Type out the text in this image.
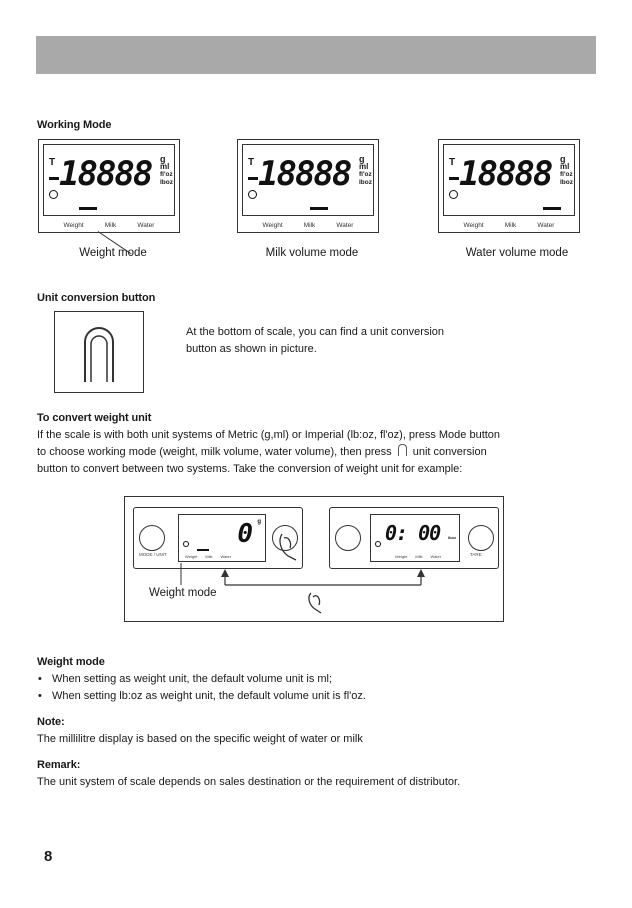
Working Mode
T 18888 g
ml
fl'oz
lboz
Weight	Milk	Water
Weight mode
T 18888 g
ml
fl'oz
lboz
Weight	Milk	Water
Milk volume mode
T 18888 g
ml
fl'oz
lboz
Weight	Milk	Water
Water volume mode
Unit conversion button
At the bottom of scale, you can find a unit conversion
button as shown in picture.
To convert weight unit
If the scale is with both unit systems of Metric (g,ml) or Imperial (lb:oz, fl'oz), press Mode button
to choose working mode (weight, milk volume, water volume), then press unit conversion
button to convert between two systems. Take the conversion of weight unit for example:
MODE / UNIT
0 g
Weight Milk Water
0: 00 lboz
Weight Milk Water	TARE
Weight mode
Weight mode
• When setting as weight unit, the default volume unit is ml;
• When setting lb:oz as weight unit, the default volume unit is fl'oz.
Note:
The millilitre display is based on the specific weight of water or milk
Remark:
The unit system of scale depends on sales destination or the requirement of distributor.
8
